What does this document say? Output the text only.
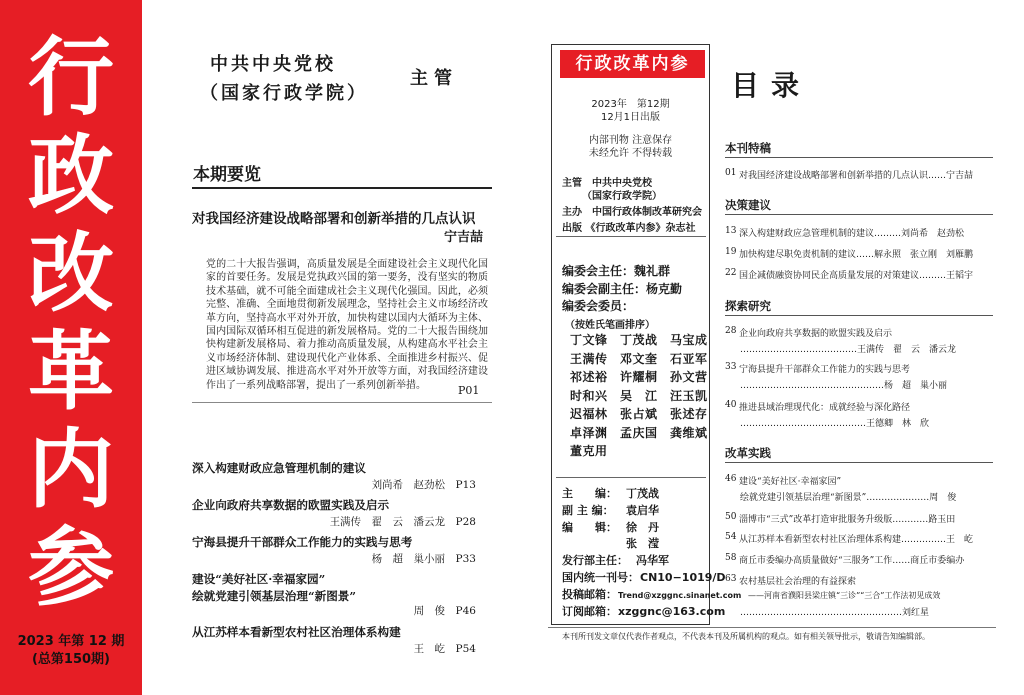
行
政
改
革
内
参
2023 年第 12 期
(总第150期)
中共中央党校
（国家行政学院）
主管
本期要览
对我国经济建设战略部署和创新举措的几点认识
宁吉喆

党的二十大报告强调，高质量发展是全面建设社会主义现代化国家的首要任务。发展是党执政兴国的第一要务，没有坚实的物质技术基础，就不可能全面建成社会主义现代化强国。因此，必须完整、准确、全面地贯彻新发展理念，坚持社会主义市场经济改革方向，坚持高水平对外开放，加快构建以国内大循环为主体、国内国际双循环相互促进的新发展格局。党的二十大报告围绕加快构建新发展格局、着力推动高质量发展，从构建高水平社会主义市场经济体制、建设现代化产业体系、全面推进乡村振兴、促进区域协调发展、推进高水平对外开放等方面，对我国经济建设作出了一系列战略部署，提出了一系列创新举措。	P01
深入构建财政应急管理机制的建议
刘尚希　赵劲松　P13
企业向政府共享数据的欧盟实践及启示
王满传　翟　云　潘云龙　P28
宁海县提升干部群众工作能力的实践与思考
杨　超　巢小丽　P33
建设“美好社区·幸福家园”
绘就党建引领基层治理“新图景”
周　俊　P46
从江苏样本看新型农村社区治理体系构建
王　屹　P54
行政改革内参
2023年　第12期
12月1日出版
内部刊物 注意保存
未经允许 不得转载
主管　中共中央党校
（国家行政学院）
主办　中国行政体制改革研究会
出版 《行政改革内参》杂志社
编委会主任：魏礼群
编委会副主任：杨克勤
编委会委员：
（按姓氏笔画排序）
丁文锋　丁茂战　马宝成
王满传　邓文奎　石亚军
祁述裕　许耀桐　孙文营
时和兴　吴　江　汪玉凯
迟福林　张占斌　张述存
卓泽渊　孟庆国　龚维斌
董克用
主　　编： 丁茂战
副 主 编： 袁启华
编　　辑： 徐　丹
张　滢
发行部主任： 冯华军
国内统一刊号：CN10−1019/D
投稿邮箱：Trend@xzggnc.sinanet.com
订阅邮箱：xzggnc@163.com
目录
本刊特稿
01 对我国经济建设战略部署和创新举措的几点认识……宁吉喆
决策建议
13 深入构建财政应急管理机制的建议………刘尚希　赵劲松
19 加快构建尽职免责机制的建议……解永照　张立刚　刘雁鹏
22 国企减债融资协同民企高质量发展的对策建议………王韬宇
探索研究
28 企业向政府共享数据的欧盟实践及启示
…………………………………王满传　翟　云　潘云龙
33 宁海县提升干部群众工作能力的实践与思考
…………………………………………杨　超　巢小丽
40 推进县域治理现代化：成就经验与深化路径
……………………………………王德卿　林　欣
改革实践
46 建设“美好社区·幸福家园”
绘就党建引领基层治理“新图景”…………………周　俊
50 淄博市“三式”改革打造审批服务升级版…………路玉田
54 从江苏样本看新型农村社区治理体系构建……………王　屹
58 商丘市委编办高质量做好“三服务”工作……商丘市委编办
63 农村基层社会治理的有益探索
——河南省濮阳县梁庄镇“三诊”“三合”工作法初见成效
………………………………………………刘红星
本刊所刊发文章仅代表作者观点，不代表本刊及所属机构的观点。如有相关领导批示，敬请告知编辑部。
